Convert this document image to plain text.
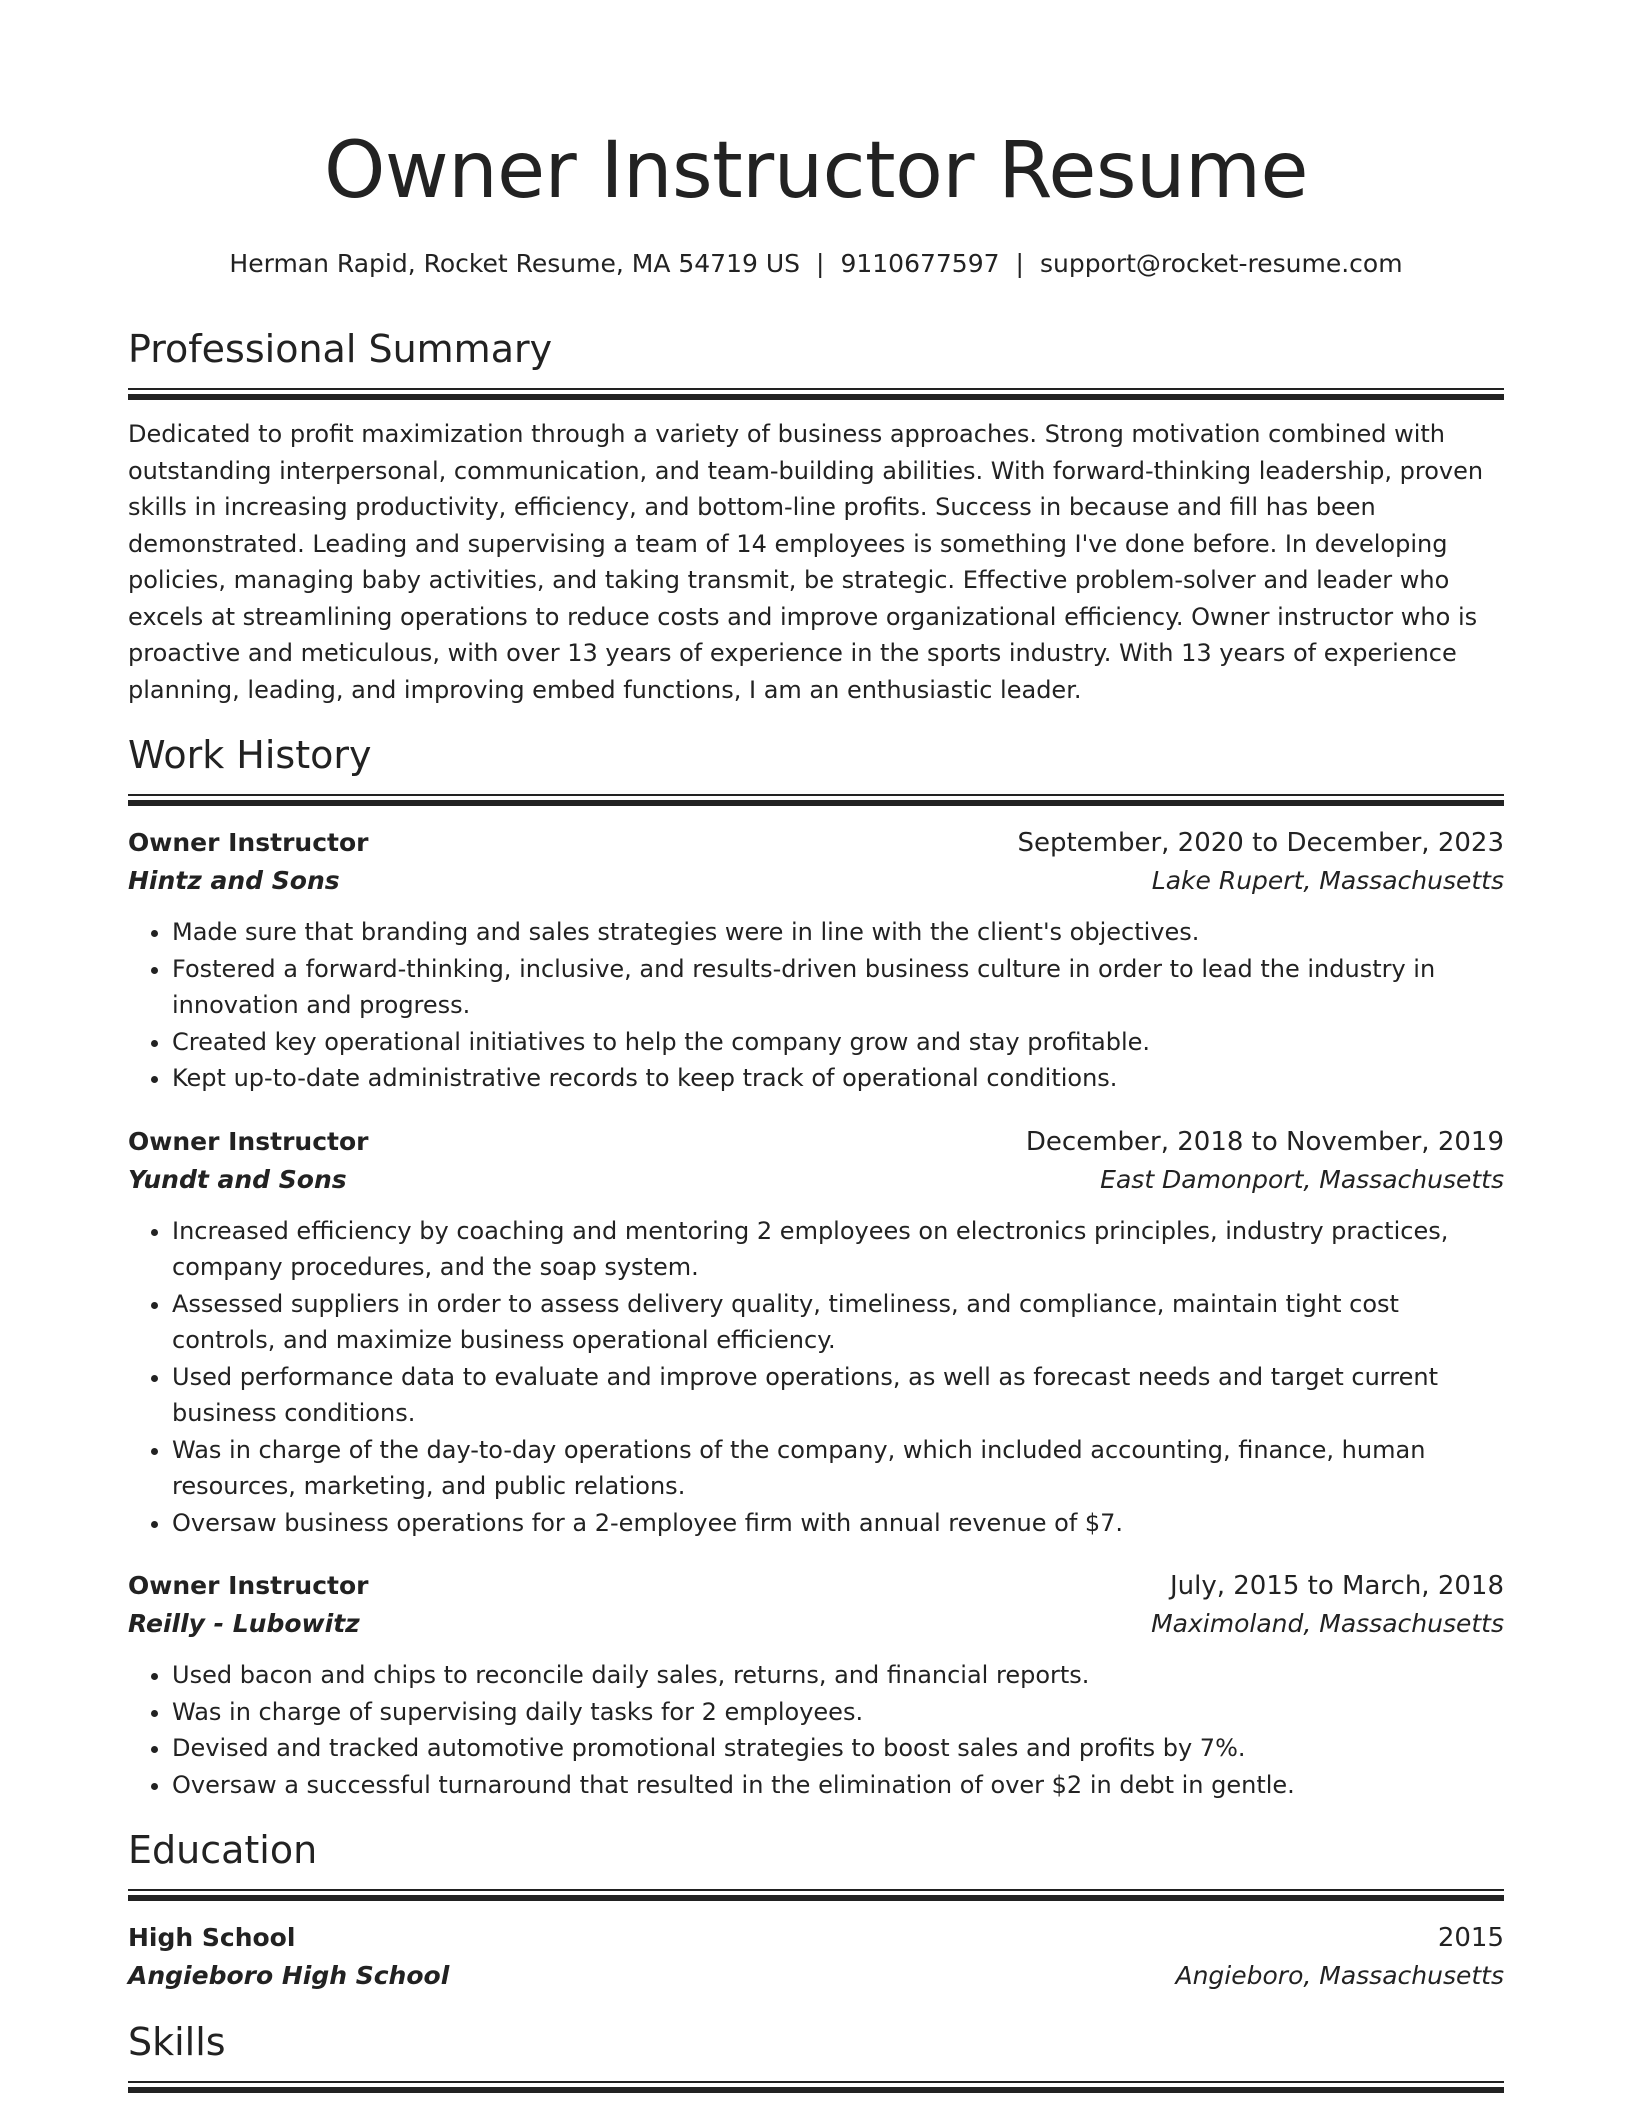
Owner Instructor Resume
Herman Rapid, Rocket Resume, MA 54719 US | 9110677597 | support@rocket-resume.com
Professional Summary

Dedicated to profit maximization through a variety of business approaches. Strong motivation combined with outstanding interpersonal, communication, and team-building abilities. With forward-thinking leadership, proven skills in increasing productivity, efficiency, and bottom-line profits. Success in because and fill has been demonstrated. Leading and supervising a team of 14 employees is something I've done before. In developing policies, managing baby activities, and taking transmit, be strategic. Effective problem-solver and leader who excels at streamlining operations to reduce costs and improve organizational efficiency. Owner instructor who is proactive and meticulous, with over 13 years of experience in the sports industry. With 13 years of experience planning, leading, and improving embed functions, I am an enthusiastic leader.

Work History
Owner Instructor	September, 2020 to December, 2023
Hintz and Sons	Lake Rupert, Massachusetts
• Made sure that branding and sales strategies were in line with the client's objectives.
• Fostered a forward-thinking, inclusive, and results-driven business culture in order to lead the industry in innovation and progress.
• Created key operational initiatives to help the company grow and stay profitable.
• Kept up-to-date administrative records to keep track of operational conditions.
Owner Instructor	December, 2018 to November, 2019
Yundt and Sons	East Damonport, Massachusetts
• Increased efficiency by coaching and mentoring 2 employees on electronics principles, industry practices, company procedures, and the soap system.
• Assessed suppliers in order to assess delivery quality, timeliness, and compliance, maintain tight cost controls, and maximize business operational efficiency.
• Used performance data to evaluate and improve operations, as well as forecast needs and target current business conditions.
• Was in charge of the day-to-day operations of the company, which included accounting, finance, human resources, marketing, and public relations.
• Oversaw business operations for a 2-employee firm with annual revenue of $7.
Owner Instructor	July, 2015 to March, 2018
Reilly - Lubowitz	Maximoland, Massachusetts
• Used bacon and chips to reconcile daily sales, returns, and financial reports.
• Was in charge of supervising daily tasks for 2 employees.
• Devised and tracked automotive promotional strategies to boost sales and profits by 7%.
• Oversaw a successful turnaround that resulted in the elimination of over $2 in debt in gentle.
Education
High School	2015
Angieboro High School	Angieboro, Massachusetts
Skills
